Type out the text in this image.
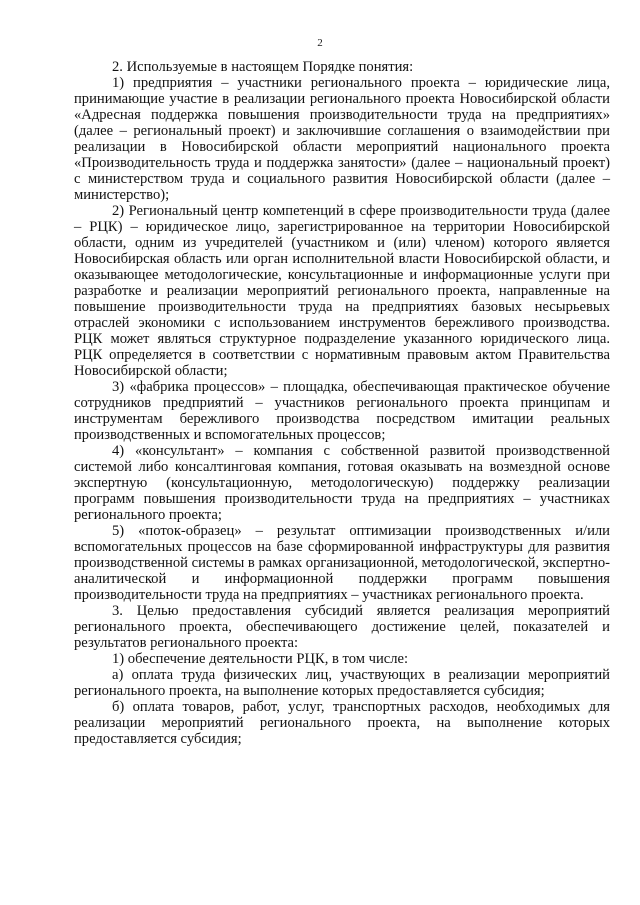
2

2. Используемые в настоящем Порядке понятия:

1) предприятия – участники регионального проекта – юридические лица, принимающие участие в реализации регионального проекта Новосибирской области «Адресная поддержка повышения производительности труда на предприятиях» (далее – региональный проект) и заключившие соглашения о взаимодействии при реализации в Новосибирской области мероприятий национального проекта «Производительность труда и поддержка занятости» (далее – национальный проект) с министерством труда и социального развития Новосибирской области (далее – министерство);

2) Региональный центр компетенций в сфере производительности труда (далее – РЦК) – юридическое лицо, зарегистрированное на территории Новосибирской области, одним из учредителей (участником и (или) членом) которого является Новосибирская область или орган исполнительной власти Новосибирской области, и оказывающее методологические, консультационные и информационные услуги при разработке и реализации мероприятий регионального проекта, направленные на повышение производительности труда на предприятиях базовых несырьевых отраслей экономики с использованием инструментов бережливого производства. РЦК может являться структурное подразделение указанного юридического лица. РЦК определяется в соответствии с нормативным правовым актом Правительства Новосибирской области;

3) «фабрика процессов» – площадка, обеспечивающая практическое обучение сотрудников предприятий – участников регионального проекта принципам и инструментам бережливого производства посредством имитации реальных производственных и вспомогательных процессов;

4) «консультант» – компания с собственной развитой производственной системой либо консалтинговая компания, готовая оказывать на возмездной основе экспертную (консультационную, методологическую) поддержку реализации программ повышения производительности труда на предприятиях – участниках регионального проекта;

5) «поток-образец» – результат оптимизации производственных и/или вспомогательных процессов на базе сформированной инфраструктуры для развития производственной системы в рамках организационной, методологической, экспертно-аналитической и информационной поддержки программ повышения производительности труда на предприятиях – участниках регионального проекта.

3. Целью предоставления субсидий является реализация мероприятий регионального проекта, обеспечивающего достижение целей, показателей и результатов регионального проекта:

1) обеспечение деятельности РЦК, в том числе:

а) оплата труда физических лиц, участвующих в реализации мероприятий регионального проекта, на выполнение которых предоставляется субсидия;

б) оплата товаров, работ, услуг, транспортных расходов, необходимых для реализации мероприятий регионального проекта, на выполнение которых предоставляется субсидия;
